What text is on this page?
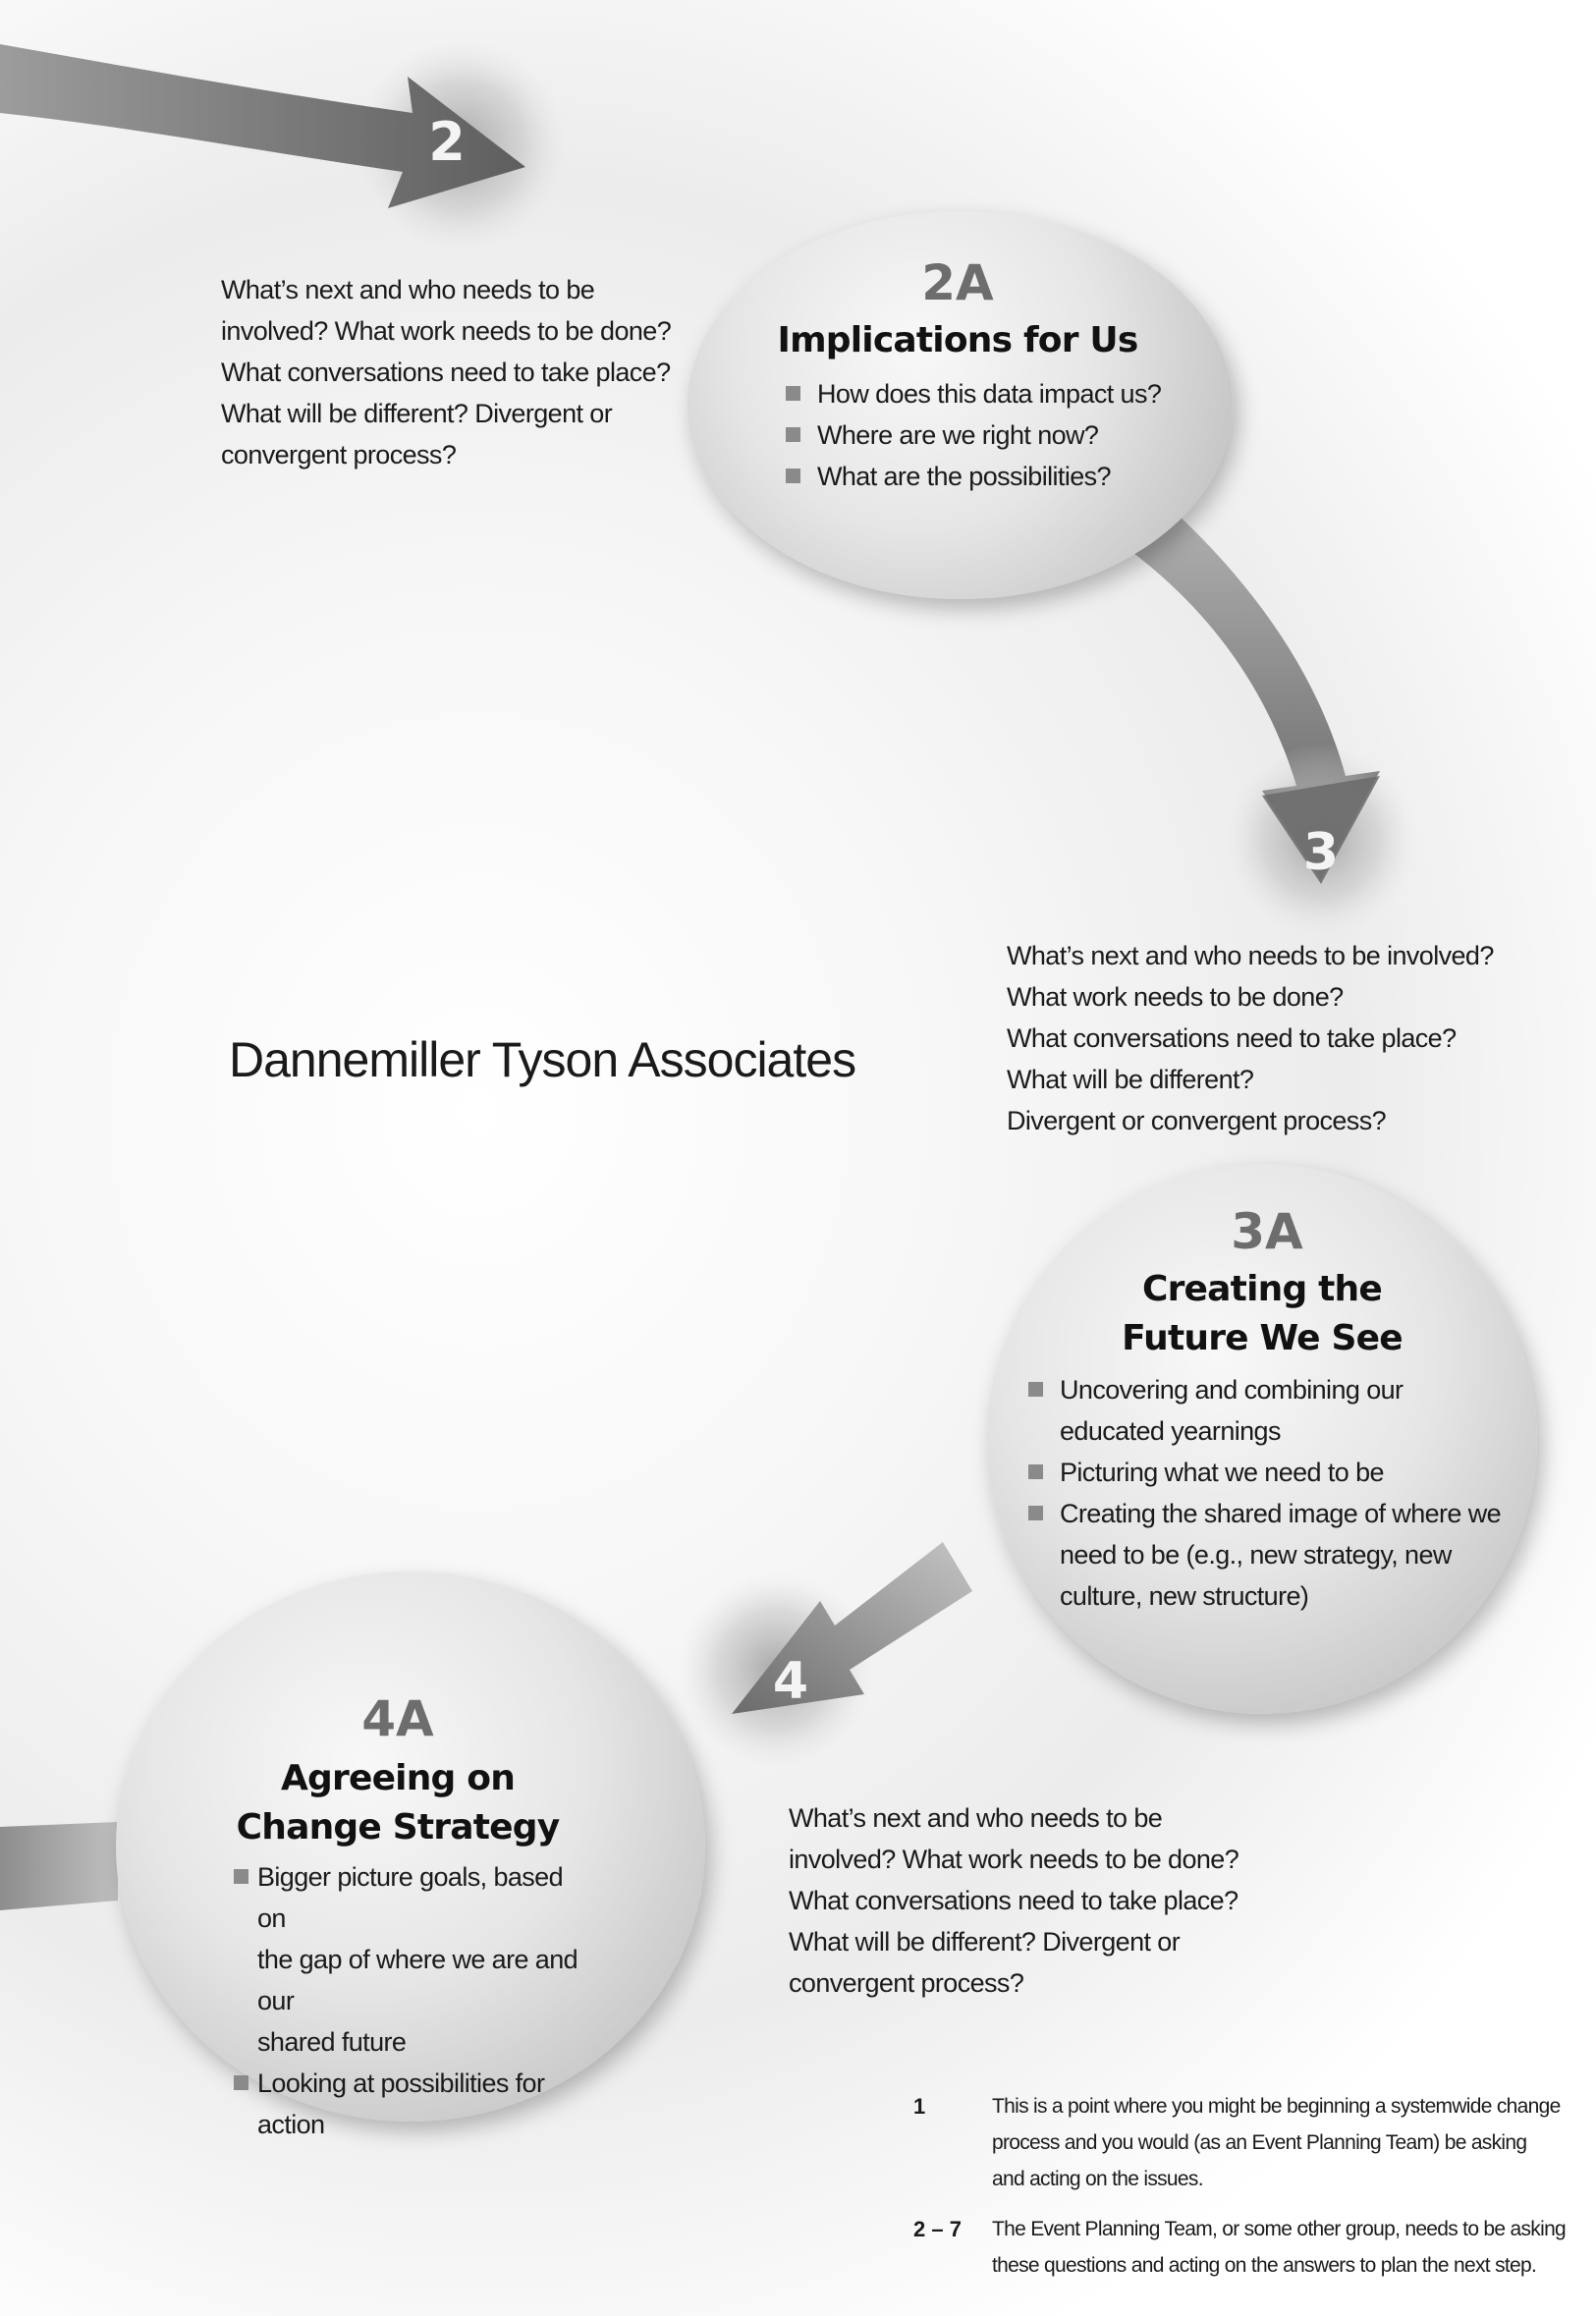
2
3
4
What’s next and who needs to be
involved? What work needs to be done?
What conversations need to take place?
What will be different? Divergent or
convergent process?
2A
Implications for Us
How does this data impact us?
Where are we right now?
What are the possibilities?
Dannemiller Tyson Associates
What’s next and who needs to be involved?
What work needs to be done?
What conversations need to take place?
What will be different?
Divergent or convergent process?
3A
Creating the
Future We See
Uncovering and combining our
educated yearnings
Picturing what we need to be
Creating the shared image of where we
need to be (e.g., new strategy, new
culture, new structure)
4A
Agreeing on
Change Strategy
Bigger picture goals, based on
the gap of where we are and our
shared future
Looking at possibilities for action
What’s next and who needs to be
involved? What work needs to be done?
What conversations need to take place?
What will be different? Divergent or
convergent process?
1	This is a point where you might be beginning a systemwide change
process and you would (as an Event Planning Team) be asking
and acting on the issues.
2 – 7	The Event Planning Team, or some other group, needs to be asking
these questions and acting on the answers to plan the next step.
